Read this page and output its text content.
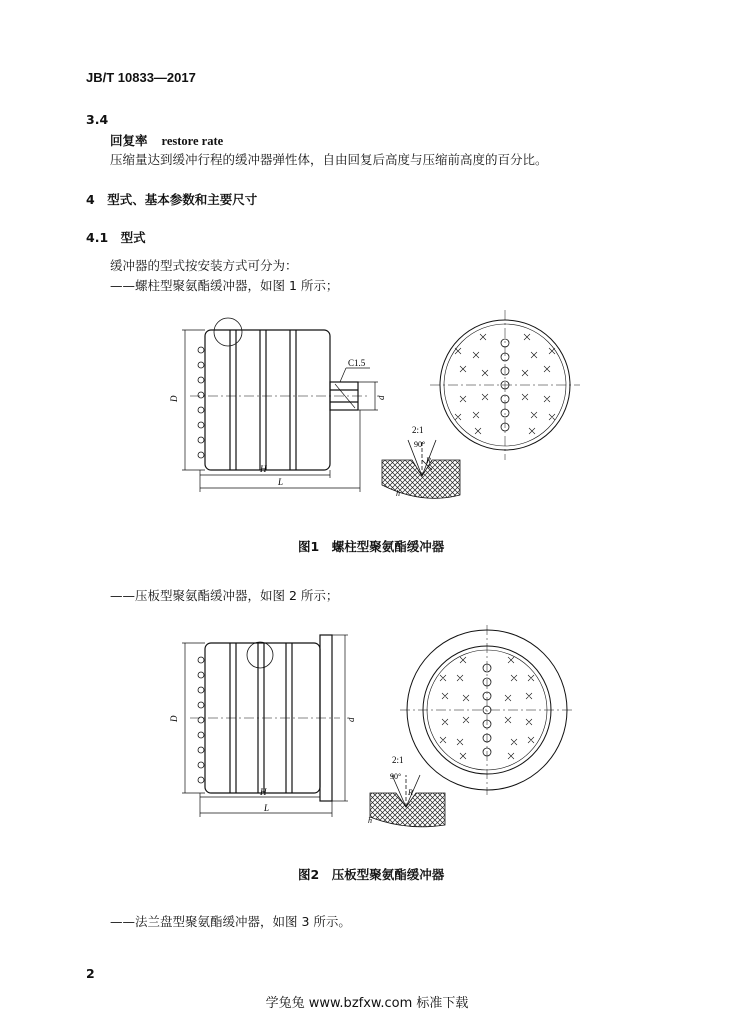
JB/T 10833—2017
3.4
回复率 restore rate
压缩量达到缓冲行程的缓冲器弹性体，自由回复后高度与压缩前高度的百分比。
4　型式、基本参数和主要尺寸
4.1　型式
缓冲器的型式按安装方式可分为：
——螺柱型聚氨酯缓冲器，如图 1 所示；
D
H
L
d
C1.5
2:1
90°
R
h
图1　螺柱型聚氨酯缓冲器
——压板型聚氨酯缓冲器，如图 2 所示；
D	d
H
L
2:1
90°
R
h
图2　压板型聚氨酯缓冲器
——法兰盘型聚氨酯缓冲器，如图 3 所示。
2
学兔兔 www.bzfxw.com 标准下载
